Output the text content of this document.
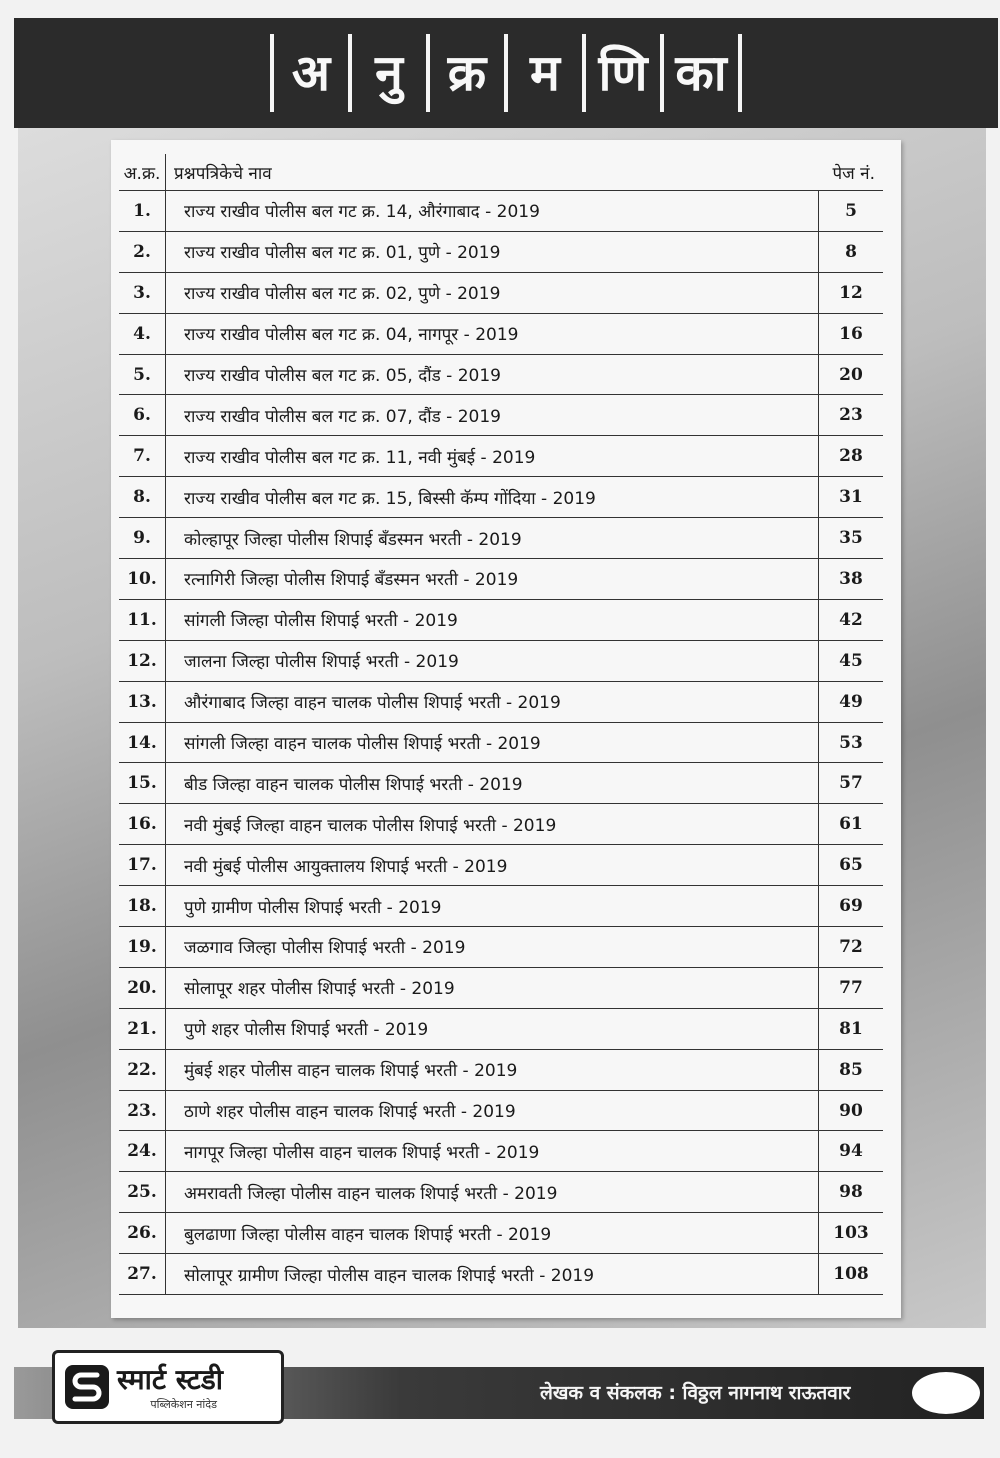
अ नु क्र म णि का
अ.क्र.	प्रश्नपत्रिकेचे नाव	पेज नं.
1.	राज्य राखीव पोलीस बल गट क्र. 14, औरंगाबाद - 2019	5
2.	राज्य राखीव पोलीस बल गट क्र. 01, पुणे - 2019	8
3.	राज्य राखीव पोलीस बल गट क्र. 02, पुणे - 2019	12
4.	राज्य राखीव पोलीस बल गट क्र. 04, नागपूर - 2019	16
5.	राज्य राखीव पोलीस बल गट क्र. 05, दौंड - 2019	20
6.	राज्य राखीव पोलीस बल गट क्र. 07, दौंड - 2019	23
7.	राज्य राखीव पोलीस बल गट क्र. 11, नवी मुंबई - 2019	28
8.	राज्य राखीव पोलीस बल गट क्र. 15, बिस्सी कॅम्प गोंदिया - 2019	31
9.	कोल्हापूर जिल्हा पोलीस शिपाई बॅंडस्मन भरती - 2019	35
10.	रत्नागिरी जिल्हा पोलीस शिपाई बॅंडस्मन भरती - 2019	38
11.	सांगली जिल्हा पोलीस शिपाई भरती - 2019	42
12.	जालना जिल्हा पोलीस शिपाई भरती - 2019	45
13.	औरंगाबाद जिल्हा वाहन चालक पोलीस शिपाई भरती - 2019	49
14.	सांगली जिल्हा वाहन चालक पोलीस शिपाई भरती - 2019	53
15.	बीड जिल्हा वाहन चालक पोलीस शिपाई भरती - 2019	57
16.	नवी मुंबई जिल्हा वाहन चालक पोलीस शिपाई भरती - 2019	61
17.	नवी मुंबई पोलीस आयुक्तालय शिपाई भरती - 2019	65
18.	पुणे ग्रामीण पोलीस शिपाई भरती - 2019	69
19.	जळगाव जिल्हा पोलीस शिपाई भरती - 2019	72
20.	सोलापूर शहर पोलीस शिपाई भरती - 2019	77
21.	पुणे शहर पोलीस शिपाई भरती - 2019	81
22.	मुंबई शहर पोलीस वाहन चालक शिपाई भरती - 2019	85
23.	ठाणे शहर पोलीस वाहन चालक शिपाई भरती - 2019	90
24.	नागपूर जिल्हा पोलीस वाहन चालक शिपाई भरती - 2019	94
25.	अमरावती जिल्हा पोलीस वाहन चालक शिपाई भरती - 2019	98
26.	बुलढाणा जिल्हा पोलीस वाहन चालक शिपाई भरती - 2019	103
27.	सोलापूर ग्रामीण जिल्हा पोलीस वाहन चालक शिपाई भरती - 2019	108
स्मार्ट स्टडी
पब्लिकेशन नांदेड	लेखक व संकलक : विठ्ठल नागनाथ राऊतवार
